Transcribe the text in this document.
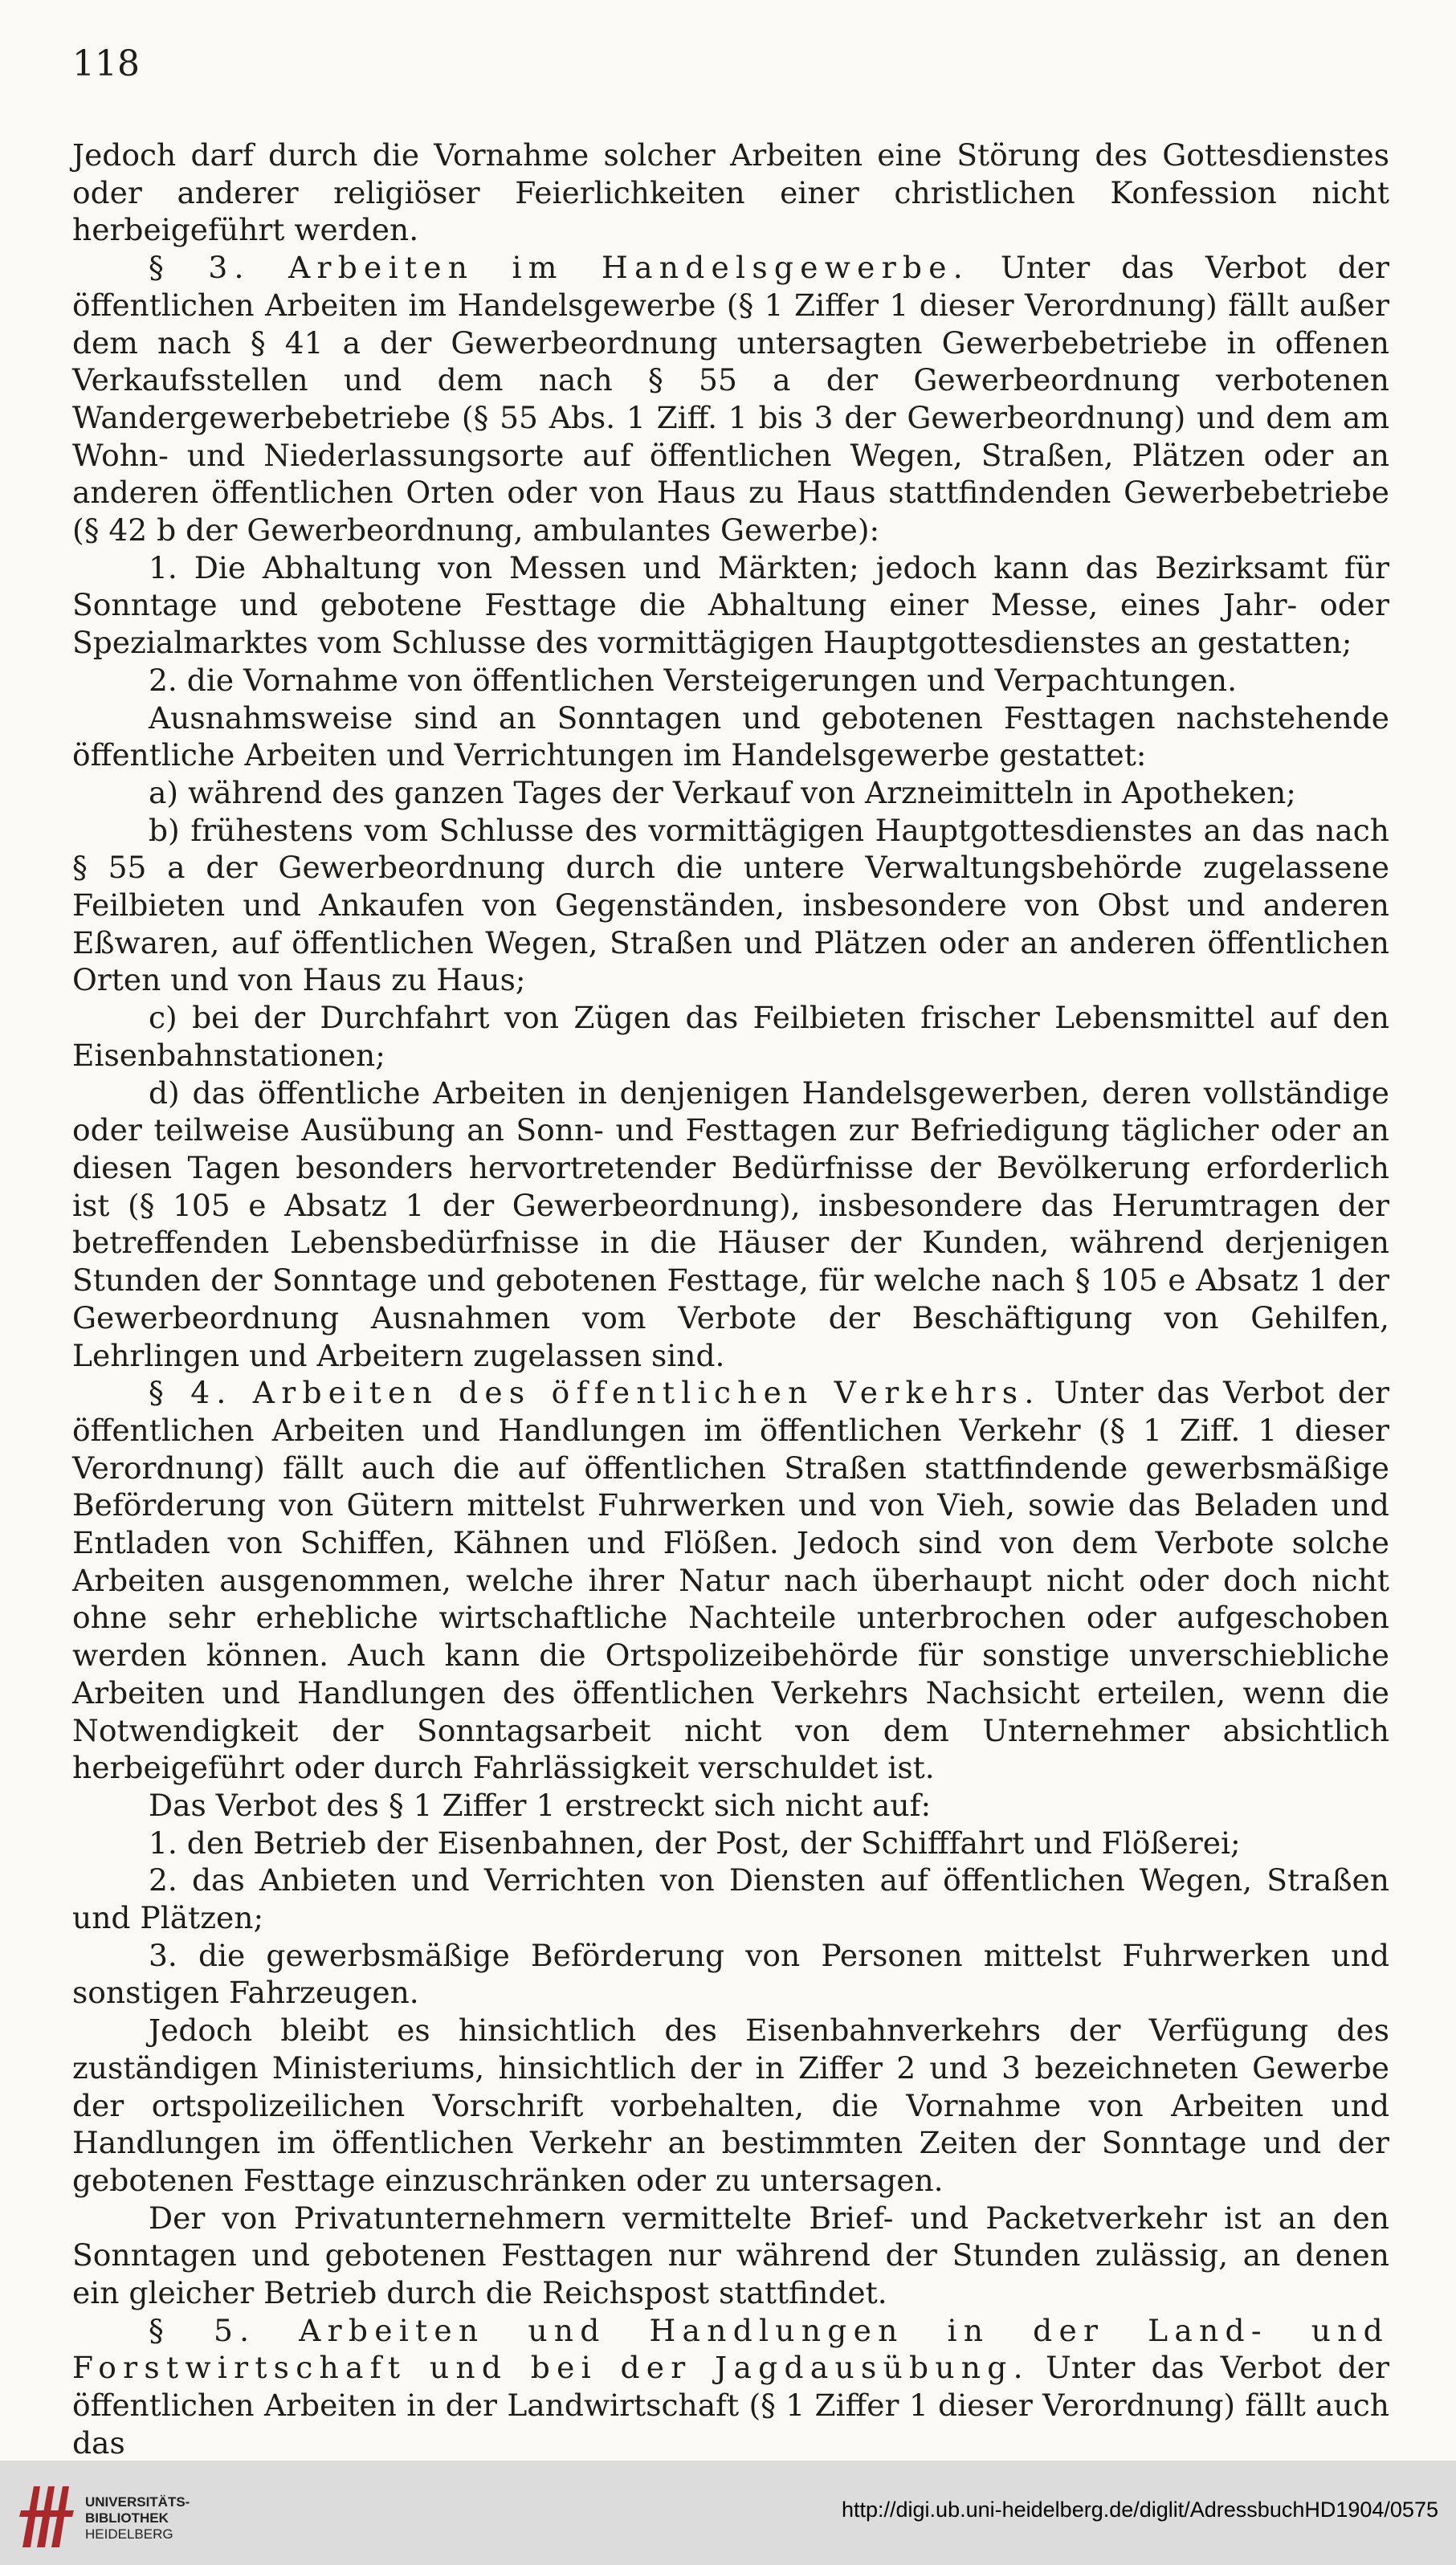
118

Jedoch darf durch die Vornahme solcher Arbeiten eine Störung des Gottesdienstes oder anderer religiöser Feierlichkeiten einer christlichen Konfession nicht herbeigeführt werden.

§ 3. Arbeiten im Handelsgewerbe. Unter das Verbot der öffentlichen Arbeiten im Handelsgewerbe (§ 1 Ziffer 1 dieser Verordnung) fällt außer dem nach § 41 a der Gewerbeordnung untersagten Gewerbebetriebe in offenen Verkaufsstellen und dem nach § 55 a der Gewerbeordnung verbotenen Wandergewerbebetriebe (§ 55 Abs. 1 Ziff. 1 bis 3 der Gewerbeordnung) und dem am Wohn- und Niederlassungsorte auf öffentlichen Wegen, Straßen, Plätzen oder an anderen öffentlichen Orten oder von Haus zu Haus stattfindenden Gewerbebetriebe (§ 42 b der Gewerbeordnung, ambulantes Gewerbe):

1. Die Abhaltung von Messen und Märkten; jedoch kann das Bezirksamt für Sonntage und gebotene Festtage die Abhaltung einer Messe, eines Jahr- oder Spezialmarktes vom Schlusse des vormittägigen Hauptgottesdienstes an gestatten;

2. die Vornahme von öffentlichen Versteigerungen und Verpachtungen.

Ausnahmsweise sind an Sonntagen und gebotenen Festtagen nachstehende öffentliche Arbeiten und Verrichtungen im Handelsgewerbe gestattet:

a) während des ganzen Tages der Verkauf von Arzneimitteln in Apotheken;

b) frühestens vom Schlusse des vormittägigen Hauptgottesdienstes an das nach § 55 a der Gewerbeordnung durch die untere Verwaltungsbehörde zugelassene Feilbieten und Ankaufen von Gegenständen, insbesondere von Obst und anderen Eßwaren, auf öffentlichen Wegen, Straßen und Plätzen oder an anderen öffentlichen Orten und von Haus zu Haus;

c) bei der Durchfahrt von Zügen das Feilbieten frischer Lebensmittel auf den Eisenbahnstationen;

d) das öffentliche Arbeiten in denjenigen Handelsgewerben, deren vollständige oder teilweise Ausübung an Sonn- und Festtagen zur Befriedigung täglicher oder an diesen Tagen besonders hervortretender Bedürfnisse der Bevölkerung erforderlich ist (§ 105 e Absatz 1 der Gewerbeordnung), insbesondere das Herumtragen der betreffenden Lebensbedürfnisse in die Häuser der Kunden, während derjenigen Stunden der Sonntage und gebotenen Festtage, für welche nach § 105 e Absatz 1 der Gewerbeordnung Ausnahmen vom Verbote der Beschäftigung von Gehilfen, Lehrlingen und Arbeitern zugelassen sind.

§ 4. Arbeiten des öffentlichen Verkehrs. Unter das Verbot der öffentlichen Arbeiten und Handlungen im öffentlichen Verkehr (§ 1 Ziff. 1 dieser Verordnung) fällt auch die auf öffentlichen Straßen stattfindende gewerbsmäßige Beförderung von Gütern mittelst Fuhrwerken und von Vieh, sowie das Beladen und Entladen von Schiffen, Kähnen und Flößen. Jedoch sind von dem Verbote solche Arbeiten ausgenommen, welche ihrer Natur nach überhaupt nicht oder doch nicht ohne sehr erhebliche wirtschaftliche Nachteile unterbrochen oder aufgeschoben werden können. Auch kann die Ortspolizeibehörde für sonstige unverschiebliche Arbeiten und Handlungen des öffentlichen Verkehrs Nachsicht erteilen, wenn die Notwendigkeit der Sonntagsarbeit nicht von dem Unternehmer absichtlich herbeigeführt oder durch Fahrlässigkeit verschuldet ist.

Das Verbot des § 1 Ziffer 1 erstreckt sich nicht auf:

1. den Betrieb der Eisenbahnen, der Post, der Schifffahrt und Flößerei;

2. das Anbieten und Verrichten von Diensten auf öffentlichen Wegen, Straßen und Plätzen;

3. die gewerbsmäßige Beförderung von Personen mittelst Fuhrwerken und sonstigen Fahrzeugen.

Jedoch bleibt es hinsichtlich des Eisenbahnverkehrs der Verfügung des zuständigen Ministeriums, hinsichtlich der in Ziffer 2 und 3 bezeichneten Gewerbe der ortspolizeilichen Vorschrift vorbehalten, die Vornahme von Arbeiten und Handlungen im öffentlichen Verkehr an bestimmten Zeiten der Sonntage und der gebotenen Festtage einzuschränken oder zu untersagen.

Der von Privatunternehmern vermittelte Brief- und Packetverkehr ist an den Sonntagen und gebotenen Festtagen nur während der Stunden zulässig, an denen ein gleicher Betrieb durch die Reichspost stattfindet.

§ 5. Arbeiten und Handlungen in der Land- und Forstwirtschaft und bei der Jagdausübung. Unter das Verbot der öffentlichen Arbeiten in der Landwirtschaft (§ 1 Ziffer 1 dieser Verordnung) fällt auch das

UNIVERSITÄTS-
BIBLIOTHEK
HEIDELBERG
http://digi.ub.uni-heidelberg.de/diglit/AdressbuchHD1904/0575
